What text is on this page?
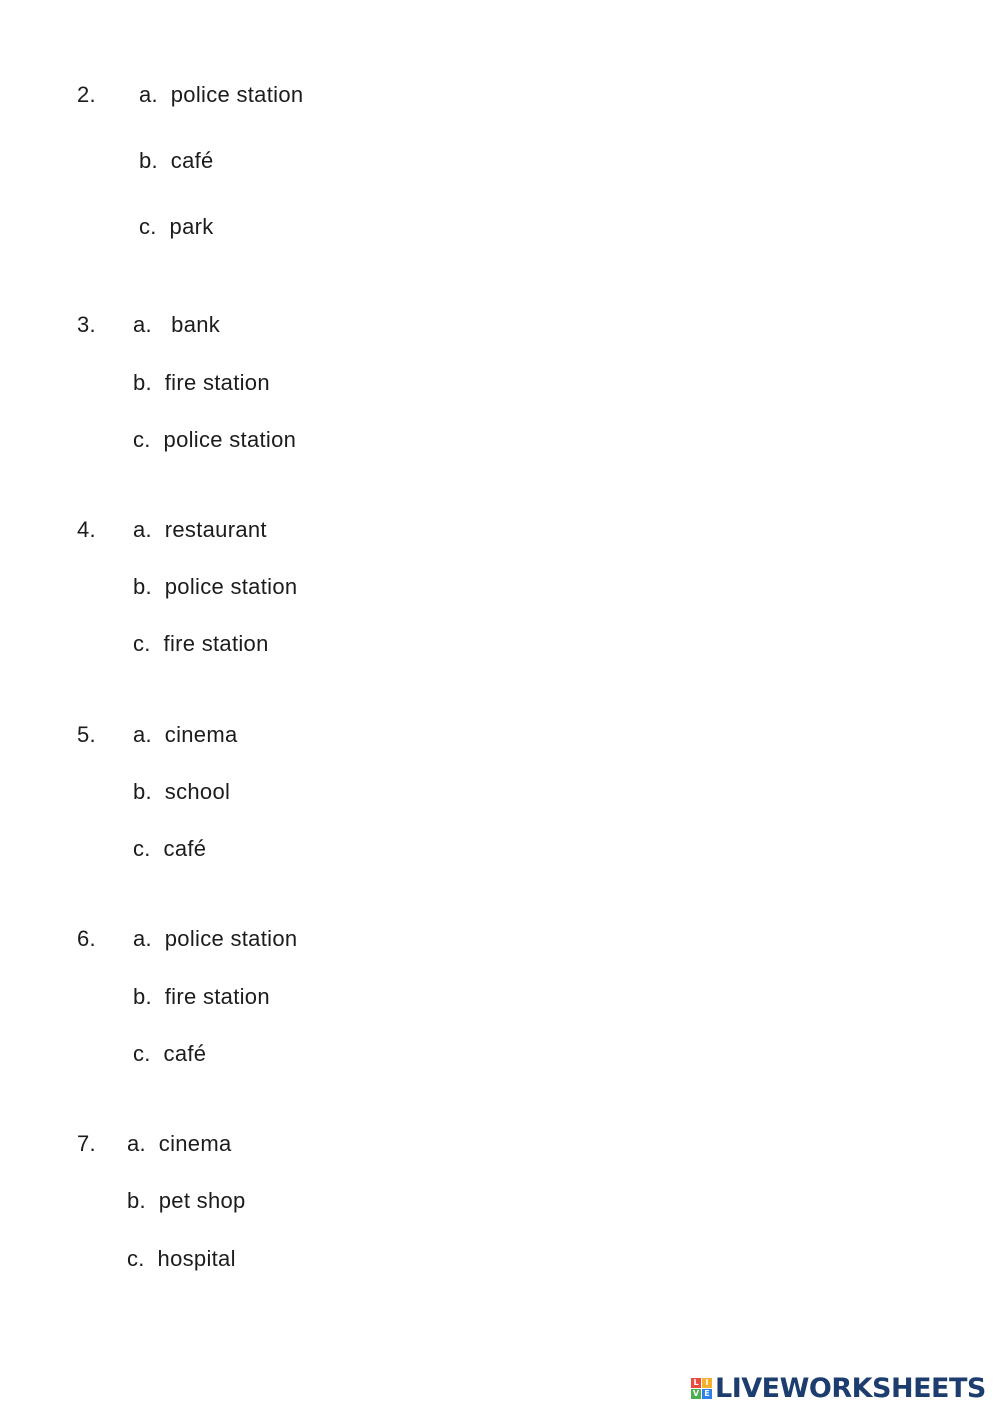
2. a.  police station
b.  café
c.  park
3. a.   bank
b.  fire station
c.  police station
4. a.  restaurant
b.  police station
c.  fire station
5. a.  cinema
b.  school
c.  café
6. a.  police station
b.  fire station
c.  café
7. a.  cinema
b.  pet shop
c.  hospital
L I
V E LIVEWORKSHEETS
